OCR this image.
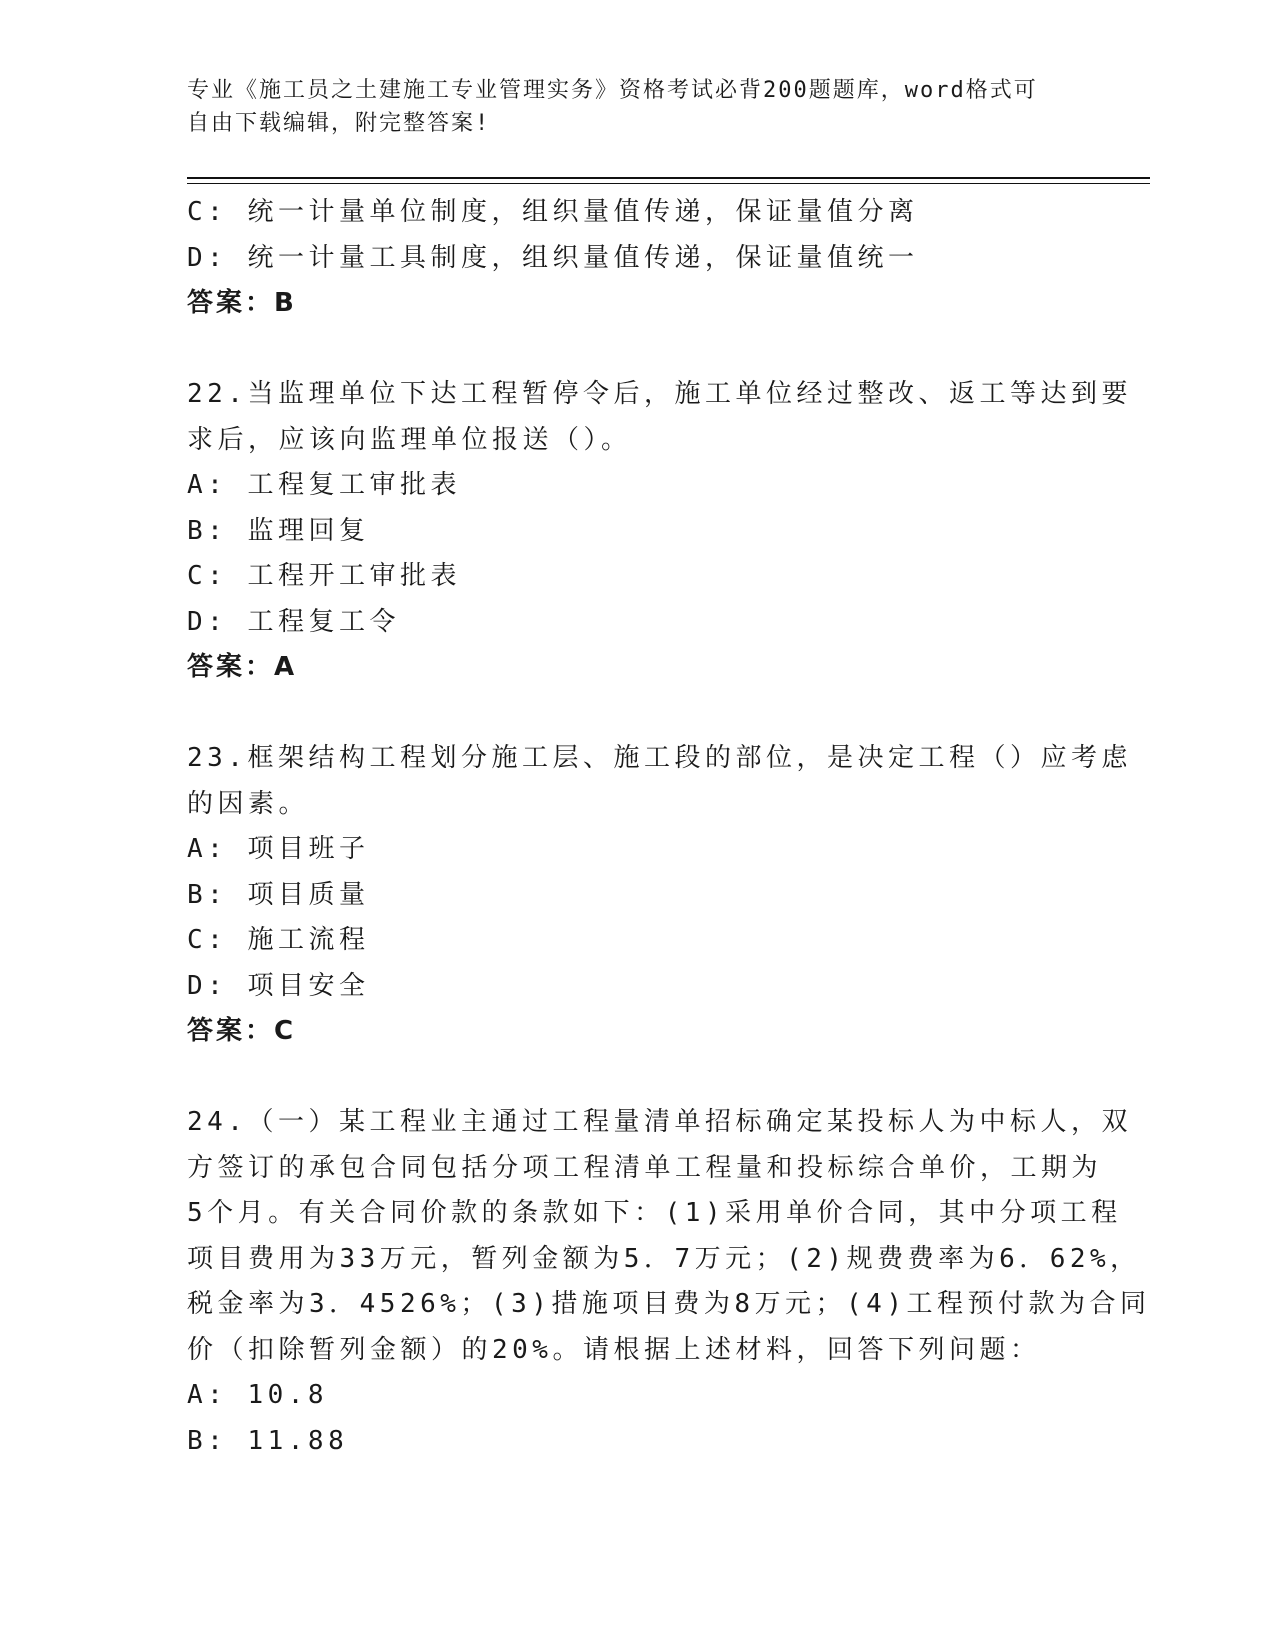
专业《施工员之土建施工专业管理实务》资格考试必背200题题库，word格式可
自由下载编辑，附完整答案!
C: 统一计量单位制度，组织量值传递，保证量值分离
D: 统一计量工具制度，组织量值传递，保证量值统一
答案：B
22.当监理单位下达工程暂停令后，施工单位经过整改、返工等达到要
求后，应该向监理单位报送（）。
A: 工程复工审批表
B: 监理回复
C: 工程开工审批表
D: 工程复工令
答案：A
23.框架结构工程划分施工层、施工段的部位，是决定工程（）应考虑
的因素。
A: 项目班子
B: 项目质量
C: 施工流程
D: 项目安全
答案：C
24.（一）某工程业主通过工程量清单招标确定某投标人为中标人，双
方签订的承包合同包括分项工程清单工程量和投标综合单价，工期为
5个月。有关合同价款的条款如下：(1)采用单价合同，其中分项工程
项目费用为33万元，暂列金额为5．7万元；(2)规费费率为6．62%，
税金率为3．4526%；(3)措施项目费为8万元；(4)工程预付款为合同
价（扣除暂列金额）的20%。请根据上述材料，回答下列问题：
A: 10.8
B: 11.88
